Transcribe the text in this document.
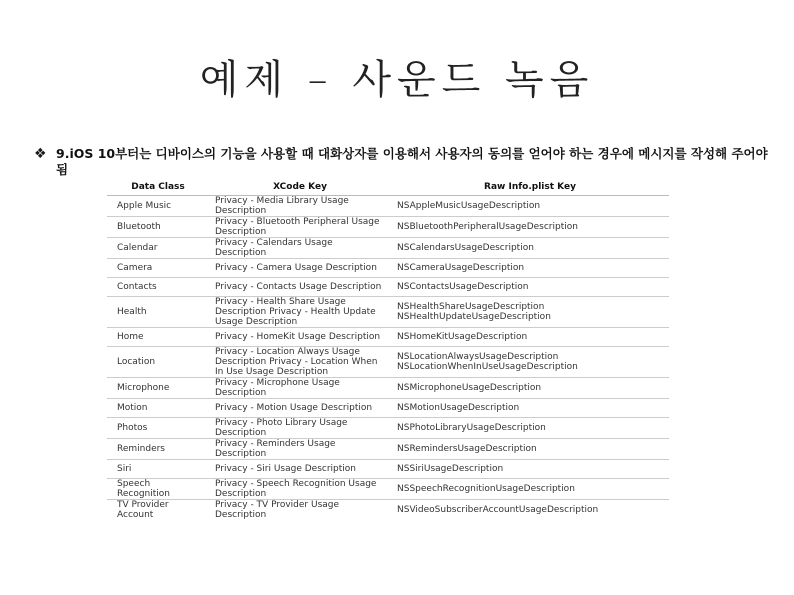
예제 – 사운드 녹음
❖ 9.iOS 10부터는 디바이스의 기능을 사용할 때 대화상자를 이용해서 사용자의 동의를 얻어야 하는 경우에 메시지를 작성해 주어야 됨
Data Class	XCode Key	Raw Info.plist Key
Apple Music	Privacy - Media Library Usage Description	NSAppleMusicUsageDescription
Bluetooth	Privacy - Bluetooth Peripheral Usage Description	NSBluetoothPeripheralUsageDescription
Calendar	Privacy - Calendars Usage Description	NSCalendarsUsageDescription
Camera	Privacy - Camera Usage Description	NSCameraUsageDescription
Contacts	Privacy - Contacts Usage Description	NSContactsUsageDescription
Health	Privacy - Health Share Usage Description Privacy - Health Update Usage Description	NSHealthShareUsageDescription NSHealthUpdateUsageDescription
Home	Privacy - HomeKit Usage Description	NSHomeKitUsageDescription
Location	Privacy - Location Always Usage Description Privacy - Location When In Use Usage Description	NSLocationAlwaysUsageDescription NSLocationWhenInUseUsageDescription
Microphone	Privacy - Microphone Usage Description	NSMicrophoneUsageDescription
Motion	Privacy - Motion Usage Description	NSMotionUsageDescription
Photos	Privacy - Photo Library Usage Description	NSPhotoLibraryUsageDescription
Reminders	Privacy - Reminders Usage Description	NSRemindersUsageDescription
Siri	Privacy - Siri Usage Description	NSSiriUsageDescription
Speech Recognition	Privacy - Speech Recognition Usage Description	NSSpeechRecognitionUsageDescription
TV Provider Account	Privacy - TV Provider Usage Description	NSVideoSubscriberAccountUsageDescription
